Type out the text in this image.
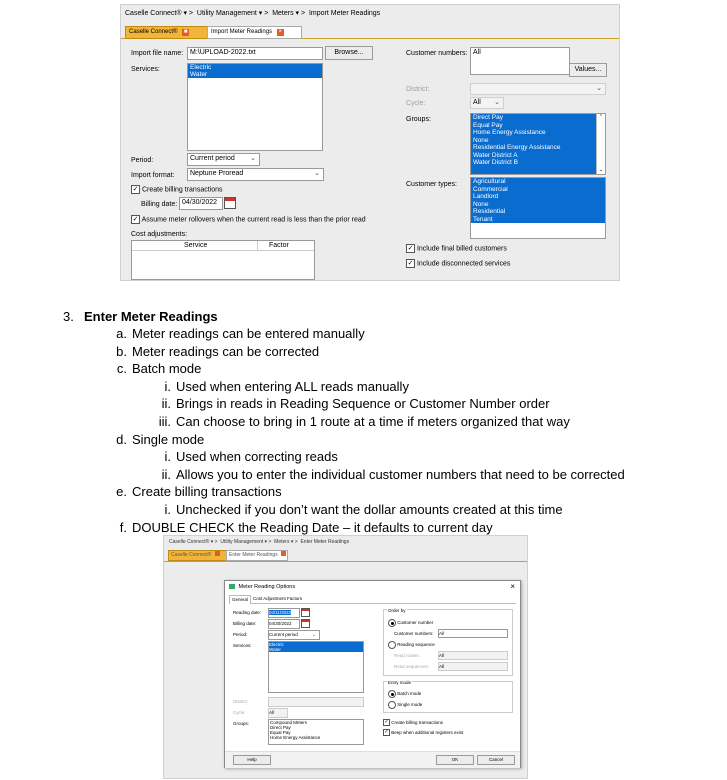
Caselle Connect® ▾ > Utility Management ▾ > Meters ▾ > Import Meter Readings
Caselle Connect® ■	Import Meter Readings ×
Import file name: M:\UPLOAD-2022.txt	Browse...
Services:	Electric
Water
Period:	Current period ⌄
Import format:	Neptune Proread	⌄
✓ Create billing transactions
Billing date: 04/30/2022
✓ Assume meter rollovers when the current read is less than the prior read
Cost adjustments:
Service	Factor
Customer numbers: All
Values...
District:	⌄
Cycle:	All ⌄
Groups:	Direct Pay
Equal Pay
Home Energy Assistance
None
Residential Energy Assistance
Water District A
Water District B
⌃
⌄
Customer types:	Agricultural
Commercial
Landlord
None
Residential
Tenant
✓ Include final billed customers
✓ Include disconnected services
3. Enter Meter Readings
a. Meter readings can be entered manually
b. Meter readings can be corrected
c. Batch mode
i. Used when entering ALL reads manually
ii. Brings in reads in Reading Sequence or Customer Number order
iii. Can choose to bring in 1 route at a time if meters organized that way
d. Single mode
i. Used when correcting reads
ii. Allows you to enter the individual customer numbers that need to be corrected
e. Create billing transactions
i. Unchecked if you don’t want the dollar amounts created at this time
f. DOUBLE CHECK the Reading Date – it defaults to current day
Caselle Connect® ▾ > Utility Management ▾ > Meters ▾ > Enter Meter Readings
Caselle Connect®	Enter Meter Readings
Meter Reading Options	×
General	Cost Adjustment Factors
Reading date: 04/11/2022
Billing date:	04/30/2022
Period:	Current period	⌄
Services:	Electric
Water
District:
Cycle:	All
Groups:	Compound Meters
Direct Pay
Equal Pay
Home Energy Assistance
Order by
Customer number
Customer numbers: All
Reading sequence
Read routes:	All
Read sequences: All
Entry mode
Batch mode
Single mode
✓ Create billing transactions
✓ Beep when additional registers exist
Help	OK	Cancel
